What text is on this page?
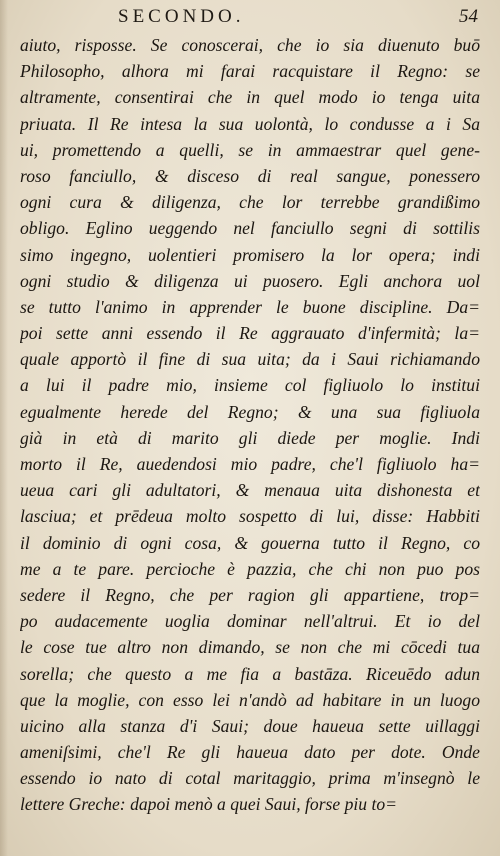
SECONDO.	54
aiuto, risposse. Se conoscerai, che io sia diuenuto buō
Philosopho, alhora mi farai racquistare il Regno: se
altramente, consentirai che in quel modo io tenga uita
priuata. Il Re intesa la sua uolontà, lo condusse a i Sa
ui, promettendo a quelli, se in ammaestrar quel gene-
roso fanciullo, & disceso di real sangue, ponessero
ogni cura & diligenza, che lor terrebbe grandißimo
obligo. Eglino ueggendo nel fanciullo segni di sottilis
simo ingegno, uolentieri promisero la lor opera; indi
ogni studio & diligenza ui puosero. Egli anchora uol
se tutto l'animo in apprender le buone discipline. Da=
poi sette anni essendo il Re aggrauato d'infermità; la=
quale apportò il fine di sua uita; da i Saui richiamando
a lui il padre mio, insieme col figliuolo lo institui
egualmente herede del Regno; & una sua figliuola
già in età di marito gli diede per moglie. Indi
morto il Re, auedendosi mio padre, che'l figliuolo ha=
ueua cari gli adultatori, & menaua uita dishonesta et
lasciua; et prēdeua molto sospetto di lui, disse: Habbiti
il dominio di ogni cosa, & gouerna tutto il Regno, co
me a te pare. percioche è pazzia, che chi non puo pos
sedere il Regno, che per ragion gli appartiene, trop=
po audacemente uoglia dominar nell'altrui. Et io del
le cose tue altro non dimando, se non che mi cōcedi tua
sorella; che questo a me fia a bastāza. Riceuēdo adun
que la moglie, con esso lei n'andò ad habitare in un luogo
uicino alla stanza d'i Saui; doue haueua sette uillaggi
ameniſsimi, che'l Re gli haueua dato per dote. Onde
essendo io nato di cotal maritaggio, prima m'insegnò le
lettere Greche: dapoi menò a quei Saui, forse piu to=
